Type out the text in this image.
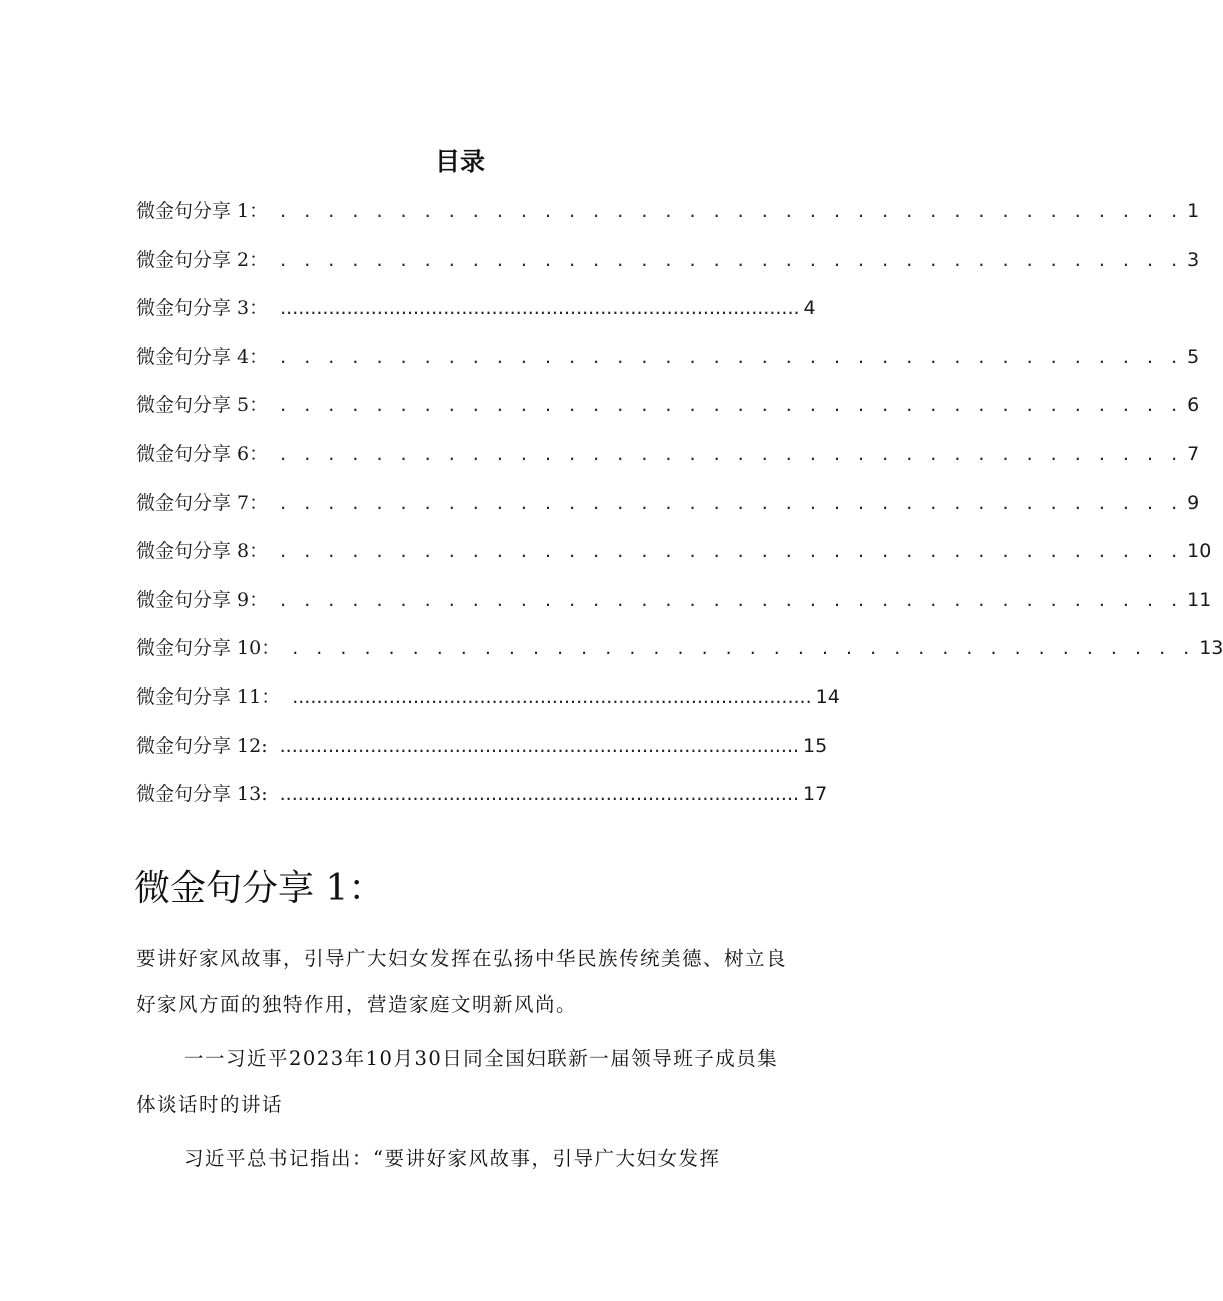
目录
微金句分享 1： . . . . . . . . . . . . . . . . . . . . . . . . . . . . . . . . . . . . . . 1
微金句分享 2： . . . . . . . . . . . . . . . . . . . . . . . . . . . . . . . . . . . . . . 3
微金句分享 3： ...................................................................................... 4
微金句分享 4： . . . . . . . . . . . . . . . . . . . . . . . . . . . . . . . . . . . . . . 5
微金句分享 5： . . . . . . . . . . . . . . . . . . . . . . . . . . . . . . . . . . . . . . 6
微金句分享 6： . . . . . . . . . . . . . . . . . . . . . . . . . . . . . . . . . . . . . . 7
微金句分享 7： . . . . . . . . . . . . . . . . . . . . . . . . . . . . . . . . . . . . . . 9
微金句分享 8： . . . . . . . . . . . . . . . . . . . . . . . . . . . . . . . . . . . . . . 10
微金句分享 9： . . . . . . . . . . . . . . . . . . . . . . . . . . . . . . . . . . . . . . 11
微金句分享 10： . . . . . . . . . . . . . . . . . . . . . . . . . . . . . . . . . . . . . . 13
微金句分享 11： ...................................................................................... 14
微金句分享 12: ...................................................................................... 15
微金句分享 13: ...................................................................................... 17
微金句分享 1：

要讲好家风故事，引导广大妇女发挥在弘扬中华民族传统美德、树立良好家风方面的独特作用，营造家庭文明新风尚。

一一习近平2023年10月30日同全国妇联新一届领导班子成员集体谈话时的讲话

习近平总书记指出：“要讲好家风故事，引导广大妇女发挥
